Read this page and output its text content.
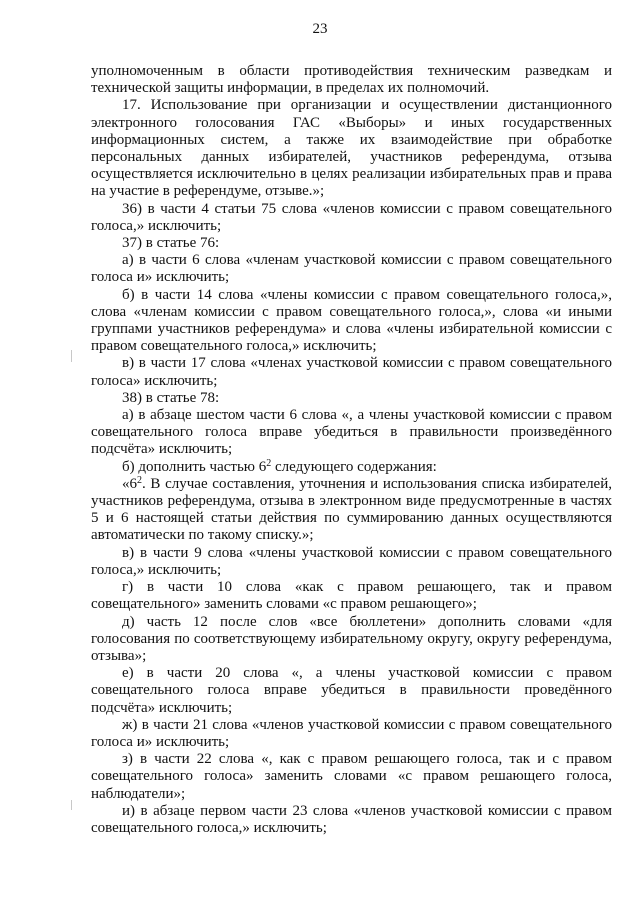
23

уполномоченным в области противодействия техническим разведкам и технической защиты информации, в пределах их полномочий.

17. Использование при организации и осуществлении дистанционного электронного голосования ГАС «Выборы» и иных государственных информационных систем, а также их взаимодействие при обработке персональных данных избирателей, участников референдума, отзыва осуществляется исключительно в целях реализации избирательных прав и права на участие в референдуме, отзыве.»;

36) в части 4 статьи 75 слова «членов комиссии с правом совещательного голоса,» исключить;

37) в статье 76:

а) в части 6 слова «членам участковой комиссии с правом совещательного голоса и» исключить;

б) в части 14 слова «члены комиссии с правом совещательного голоса,», слова «членам комиссии с правом совещательного голоса,», слова «и иными группами участников референдума» и слова «члены избирательной комиссии с правом совещательного голоса,» исключить;

в) в части 17 слова «членах участковой комиссии с правом совещательного голоса» исключить;

38) в статье 78:

а) в абзаце шестом части 6 слова «, а члены участковой комиссии с правом совещательного голоса вправе убедиться в правильности произведённого подсчёта» исключить;

б) дополнить частью $6^2$ следующего содержания:

«$6^2$. В случае составления, уточнения и использования списка избирателей, участников референдума, отзыва в электронном виде предусмотренные в частях 5 и 6 настоящей статьи действия по суммированию данных осуществляются автоматически по такому списку.»;

в) в части 9 слова «члены участковой комиссии с правом совещательного голоса,» исключить;

г) в части 10 слова «как с правом решающего, так и правом совещательного» заменить словами «с правом решающего»;

д) часть 12 после слов «все бюллетени» дополнить словами «для голосования по соответствующему избирательному округу, округу референдума, отзыва»;

е) в части 20 слова «, а члены участковой комиссии с правом совещательного голоса вправе убедиться в правильности проведённого подсчёта» исключить;

ж) в части 21 слова «членов участковой комиссии с правом совещательного голоса и» исключить;

з) в части 22 слова «, как с правом решающего голоса, так и с правом совещательного голоса» заменить словами «с правом решающего голоса, наблюдатели»;

и) в абзаце первом части 23 слова «членов участковой комиссии с правом совещательного голоса,» исключить;
